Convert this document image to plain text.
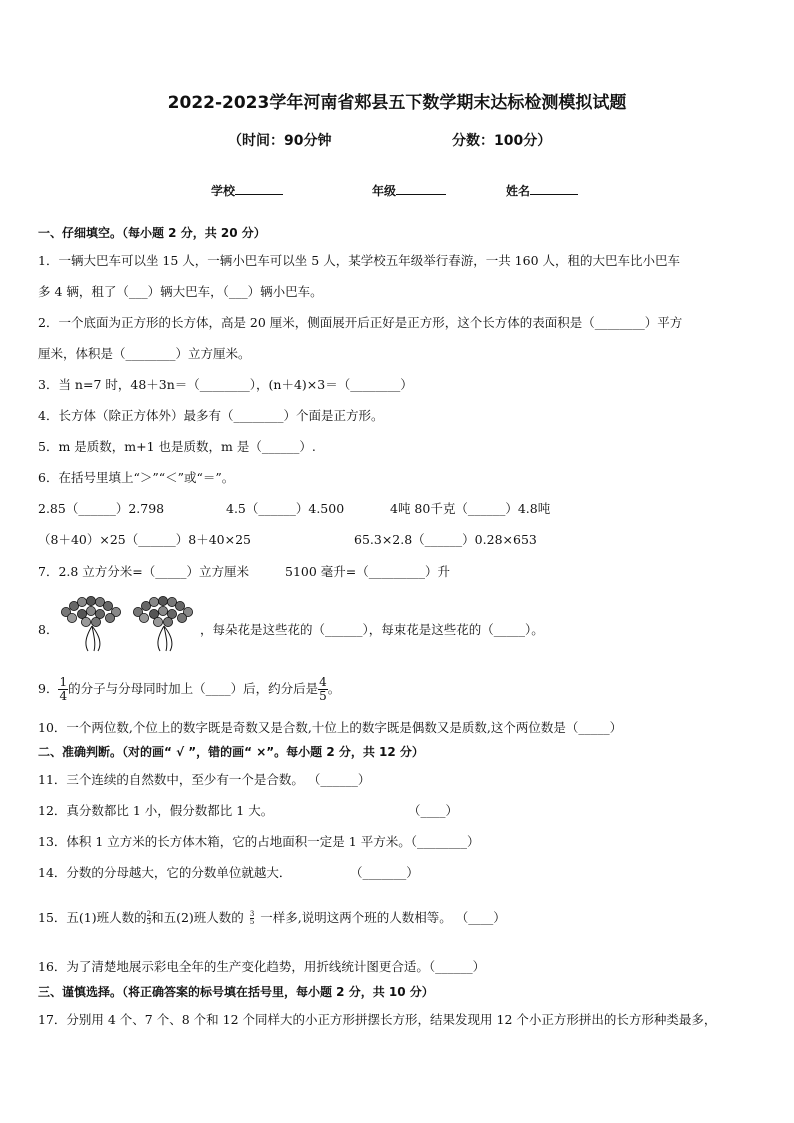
2022-2023学年河南省郏县五下数学期末达标检测模拟试题
（时间：90分钟	分数：100分）
学校	年级	姓名
一、仔细填空。（每小题 2 分，共 20 分）
1．一辆大巴车可以坐 15 人，一辆小巴车可以坐 5 人，某学校五年级举行春游，一共 160 人，租的大巴车比小巴车
多 4 辆，租了（___）辆大巴车，（___）辆小巴车。
2．一个底面为正方形的长方体，高是 20 厘米，侧面展开后正好是正方形，这个长方体的表面积是（________）平方
厘米，体积是（________）立方厘米。
3．当 n=7 时，48＋3n＝（________），(n＋4)×3＝（________）
4．长方体（除正方体外）最多有（________）个面是正方形。
5．m 是质数，m+1 也是质数，m 是（______）.
6．在括号里填上“＞”“＜”或“＝”。
2.85（______）2.798	4.5（______）4.500	4吨 80千克（______）4.8吨
（8＋40）×25（______）8＋40×25	65.3×2.8（______）0.28×653
7．2.8 立方分米=（_____）立方厘米	5100 毫升=（_________）升
8．	，每朵花是这些花的（______），每束花是这些花的（_____）。
9． $\frac{1}{4}$ 的分子与分母同时加上（____）后，约分后是 $\frac{4}{5}$ 。
10．一个两位数,个位上的数字既是奇数又是合数,十位上的数字既是偶数又是质数,这个两位数是（_____）
二、准确判断。（对的画“ √ ”，错的画“ ×”。每小题 2 分，共 12 分）
11．三个连续的自然数中，至少有一个是合数。 （______）
12．真分数都比 1 小，假分数都比 1 大。	（____）
13．体积 1 立方米的长方体木箱，它的占地面积一定是 1 平方米。（________）
14．分数的分母越大，它的分数单位就越大．	（_______）
15．五(1)班人数的 $\frac{2}{3}$ 和五(2)班人数的 $\frac{3}{5}$ 一样多,说明这两个班的人数相等。 （____）
16．为了清楚地展示彩电全年的生产变化趋势，用折线统计图更合适。（______）
三、谨慎选择。（将正确答案的标号填在括号里，每小题 2 分，共 10 分）
17．分别用 4 个、7 个、8 个和 12 个同样大的小正方形拼摆长方形，结果发现用 12 个小正方形拼出的长方形种类最多，
